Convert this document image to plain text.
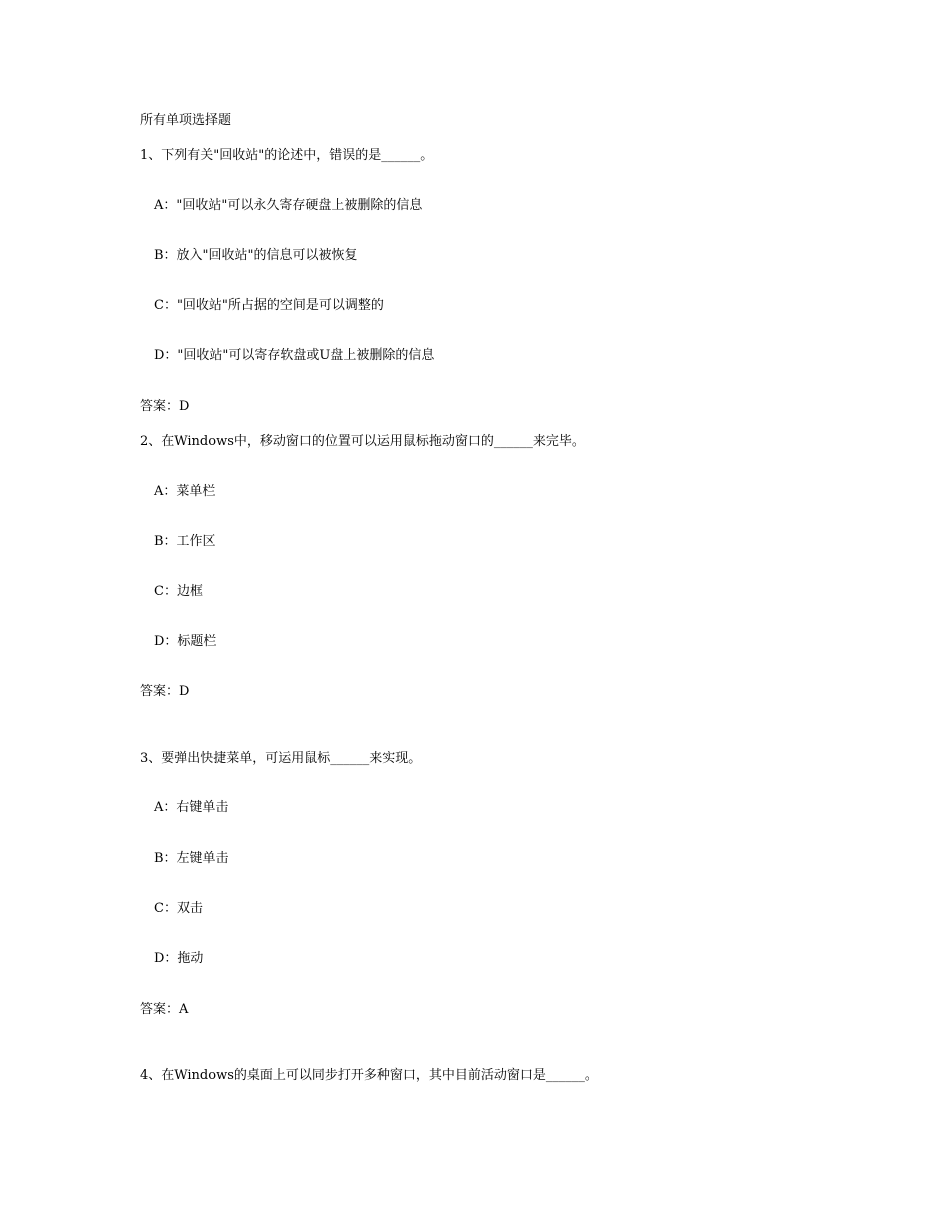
所有单项选择题

1、下列有关"回收站"的论述中，错误的是______。

A："回收站"可以永久寄存硬盘上被删除的信息

B：放入"回收站"的信息可以被恢复

C："回收站"所占据的空间是可以调整的

D："回收站"可以寄存软盘或U盘上被删除的信息

答案：D

2、在Windows中，移动窗口的位置可以运用鼠标拖动窗口的______来完毕。

A：菜单栏

B：工作区

C：边框

D：标题栏

答案：D

3、要弹出快捷菜单，可运用鼠标______来实现。

A：右键单击

B：左键单击

C：双击

D：拖动

答案：A

4、在Windows的桌面上可以同步打开多种窗口，其中目前活动窗口是______。
